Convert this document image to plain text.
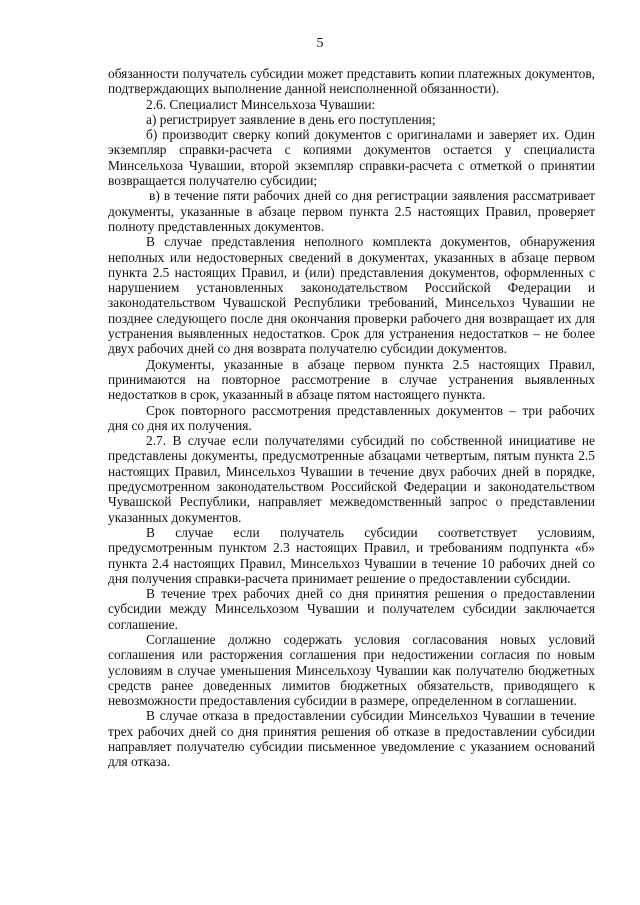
5

обязанности получатель субсидии может представить копии платежных документов, подтверждающих выполнение данной неисполненной обязанности).

2.6. Специалист Минсельхоза Чувашии:

а) регистрирует заявление в день его поступления;

б) производит сверку копий документов с оригиналами и заверяет их. Один экземпляр справки-расчета с копиями документов остается у специалиста Минсельхоза Чувашии, второй экземпляр справки-расчета с отметкой о принятии возвращается получателю субсидии;

в) в течение пяти рабочих дней со дня регистрации заявления рассматривает документы, указанные в абзаце первом пункта 2.5 настоящих Правил, проверяет полноту представленных документов.

В случае представления неполного комплекта документов, обнаружения неполных или недостоверных сведений в документах, указанных в абзаце первом пункта 2.5 настоящих Правил, и (или) представления документов, оформленных с нарушением установленных законодательством Российской Федерации и законодательством Чувашской Республики требований, Минсельхоз Чувашии не позднее следующего после дня окончания проверки рабочего дня возвращает их для устранения выявленных недостатков. Срок для устранения недостатков – не более двух рабочих дней со дня возврата получателю субсидии документов.

Документы, указанные в абзаце первом пункта 2.5 настоящих Правил, принимаются на повторное рассмотрение в случае устранения выявленных недостатков в срок, указанный в абзаце пятом настоящего пункта.

Срок повторного рассмотрения представленных документов – три рабочих дня со дня их получения.

2.7. В случае если получателями субсидий по собственной инициативе не представлены документы, предусмотренные абзацами четвертым, пятым пункта 2.5 настоящих Правил, Минсельхоз Чувашии в течение двух рабочих дней в порядке, предусмотренном законодательством Российской Федерации и законодательством Чувашской Республики, направляет межведомственный запрос о представлении указанных документов.

В случае если получатель субсидии соответствует условиям, предусмотренным пунктом 2.3 настоящих Правил, и требованиям подпункта «б» пункта 2.4 настоящих Правил, Минсельхоз Чувашии в течение 10 рабочих дней со дня получения справки-расчета принимает решение о предоставлении субсидии.

В течение трех рабочих дней со дня принятия решения о предоставлении субсидии между Минсельхозом Чувашии и получателем субсидии заключается соглашение.

Соглашение должно содержать условия согласования новых условий соглашения или расторжения соглашения при недостижении согласия по новым условиям в случае уменьшения Минсельхозу Чувашии как получателю бюджетных средств ранее доведенных лимитов бюджетных обязательств, приводящего к невозможности предоставления субсидии в размере, определенном в соглашении.

В случае отказа в предоставлении субсидии Минсельхоз Чувашии в течение трех рабочих дней со дня принятия решения об отказе в предоставлении субсидии направляет получателю субсидии письменное уведомление с указанием оснований для отказа.
